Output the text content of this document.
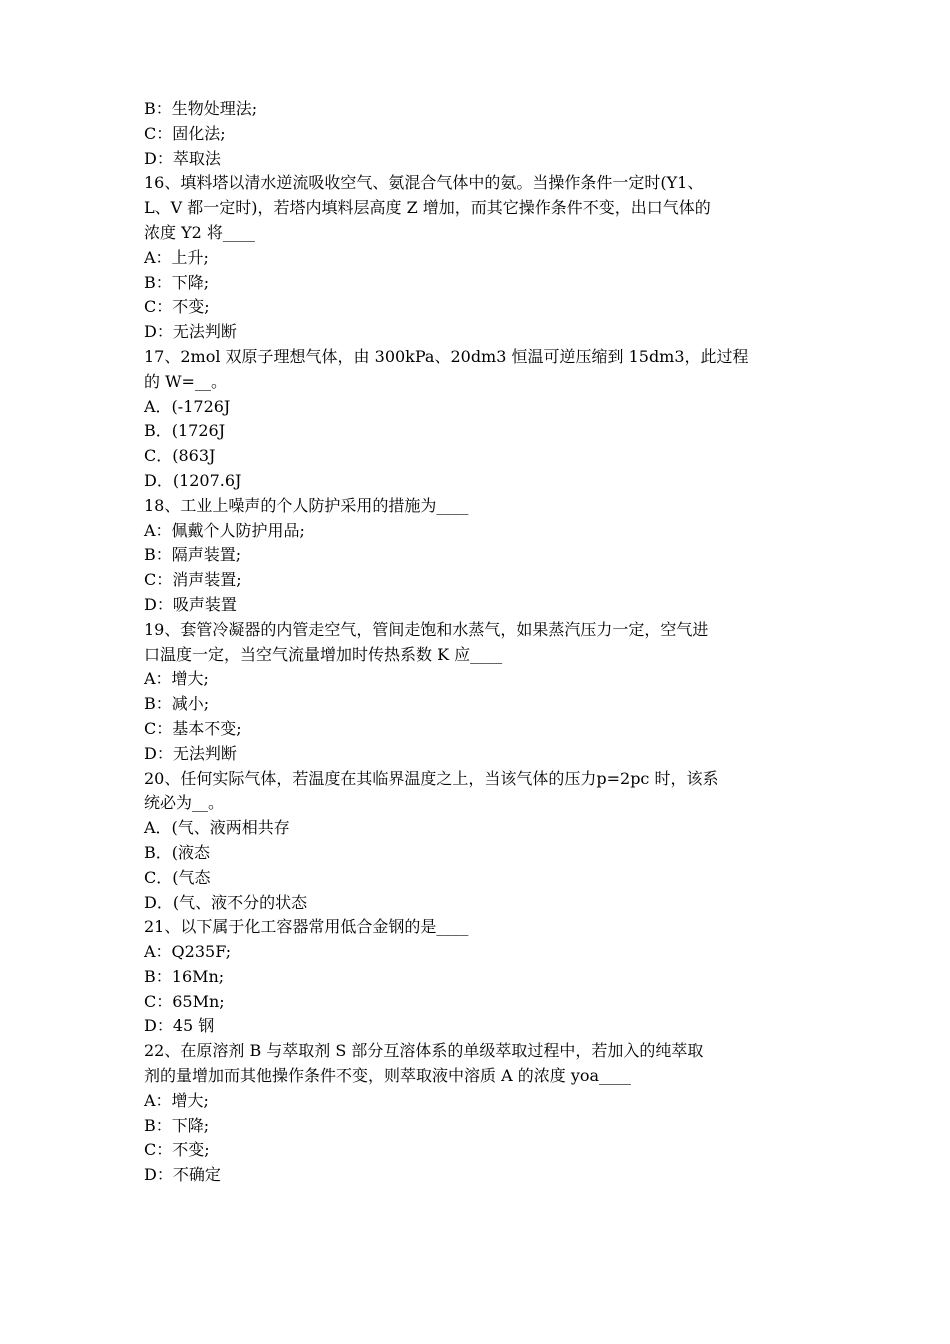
B：生物处理法;
C：固化法;
D：萃取法
16、填料塔以清水逆流吸收空气、氨混合气体中的氨。当操作条件一定时(Y1、
L、V 都一定时)，若塔内填料层高度 Z 增加，而其它操作条件不变，出口气体的
浓度 Y2 将____
A：上升;
B：下降;
C：不变;
D：无法判断
17、2mol 双原子理想气体，由 300kPa、20dm3 恒温可逆压缩到 15dm3，此过程
的 W=__。
A．(-1726J
B．(1726J
C．(863J
D．(1207.6J
18、工业上噪声的个人防护采用的措施为____
A：佩戴个人防护用品;
B：隔声装置;
C：消声装置;
D：吸声装置
19、套管冷凝器的内管走空气，管间走饱和水蒸气，如果蒸汽压力一定，空气进
口温度一定，当空气流量增加时传热系数 K 应____
A：增大;
B：减小;
C：基本不变;
D：无法判断
20、任何实际气体，若温度在其临界温度之上，当该气体的压力p=2pc 时，该系
统必为__。
A．(气、液两相共存
B．(液态
C．(气态
D．(气、液不分的状态
21、以下属于化工容器常用低合金钢的是____
A：Q235F;
B：16Mn;
C：65Mn;
D：45 钢
22、在原溶剂 B 与萃取剂 S 部分互溶体系的单级萃取过程中，若加入的纯萃取
剂的量增加而其他操作条件不变，则萃取液中溶质 A 的浓度 yoa____
A：增大;
B：下降;
C：不变;
D：不确定
